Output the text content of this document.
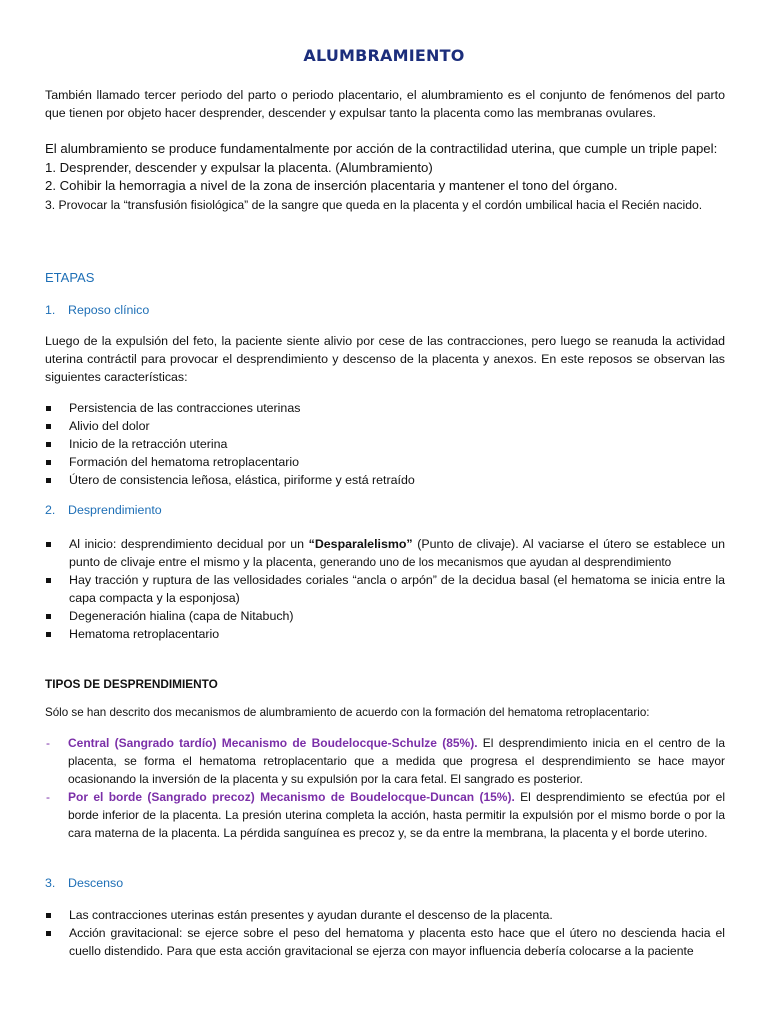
ALUMBRAMIENTO

También llamado tercer periodo del parto o periodo placentario, el alumbramiento es el conjunto de fenómenos del parto que tienen por objeto hacer desprender, descender y expulsar tanto la placenta como las membranas ovulares.

El alumbramiento se produce fundamentalmente por acción de la contractilidad uterina, que cumple un triple papel:
1. Desprender, descender y expulsar la placenta. (Alumbramiento)
2. Cohibir la hemorragia a nivel de la zona de inserción placentaria y mantener el tono del órgano.
3. Provocar la “transfusión fisiológica” de la sangre que queda en la placenta y el cordón umbilical hacia el Recién nacido.
ETAPAS
1. Reposo clínico

Luego de la expulsión del feto, la paciente siente alivio por cese de las contracciones, pero luego se reanuda la actividad uterina contráctil para provocar el desprendimiento y descenso de la placenta y anexos. En este reposos se observan las siguientes características:

Persistencia de las contracciones uterinas
Alivio del dolor
Inicio de la retracción uterina
Formación del hematoma retroplacentario
Útero de consistencia leñosa, elástica, piriforme y está retraído
2. Desprendimiento
Al inicio: desprendimiento decidual por un “Desparalelismo” (Punto de clivaje). Al vaciarse el útero se establece un punto de clivaje entre el mismo y la placenta, generando uno de los mecanismos que ayudan al desprendimiento
Hay tracción y ruptura de las vellosidades coriales “ancla o arpón” de la decidua basal (el hematoma se inicia entre la capa compacta y la esponjosa)
Degeneración hialina (capa de Nitabuch)
Hematoma retroplacentario
TIPOS DE DESPRENDIMIENTO

Sólo se han descrito dos mecanismos de alumbramiento de acuerdo con la formación del hematoma retroplacentario:

- Central (Sangrado tardío) Mecanismo de Boudelocque-Schulze (85%). El desprendimiento inicia en el centro de la placenta, se forma el hematoma retroplacentario que a medida que progresa el desprendimiento se hace mayor ocasionando la inversión de la placenta y su expulsión por la cara fetal. El sangrado es posterior.
- Por el borde (Sangrado precoz) Mecanismo de Boudelocque-Duncan (15%). El desprendimiento se efectúa por el borde inferior de la placenta. La presión uterina completa la acción, hasta permitir la expulsión por el mismo borde o por la cara materna de la placenta. La pérdida sanguínea es precoz y, se da entre la membrana, la placenta y el borde uterino.
3. Descenso
Las contracciones uterinas están presentes y ayudan durante el descenso de la placenta.
Acción gravitacional: se ejerce sobre el peso del hematoma y placenta esto hace que el útero no descienda hacia el cuello distendido. Para que esta acción gravitacional se ejerza con mayor influencia debería colocarse a la paciente
